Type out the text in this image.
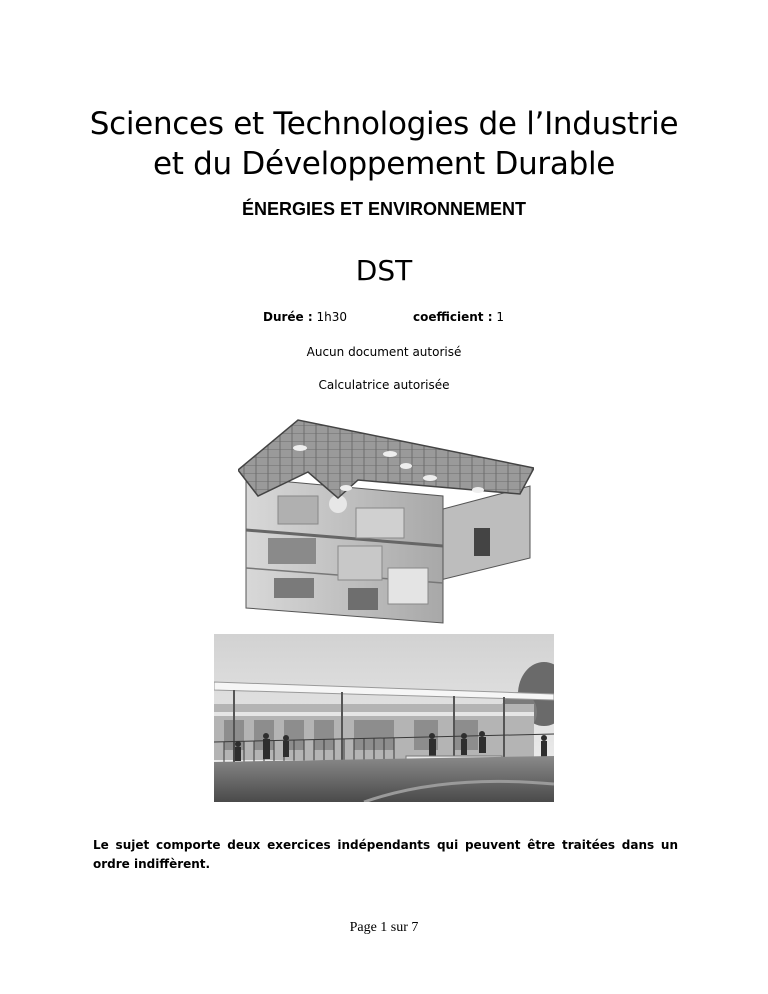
Sciences et Technologies de l’Industrie
et du Développement Durable
ÉNERGIES ET ENVIRONNEMENT
DST
Durée : 1h30	coefficient : 1
Aucun document autorisé
Calculatrice autorisée
Le sujet comporte deux exercices indépendants qui peuvent être traitées dans un ordre indiffèrent.
Page 1 sur 7
